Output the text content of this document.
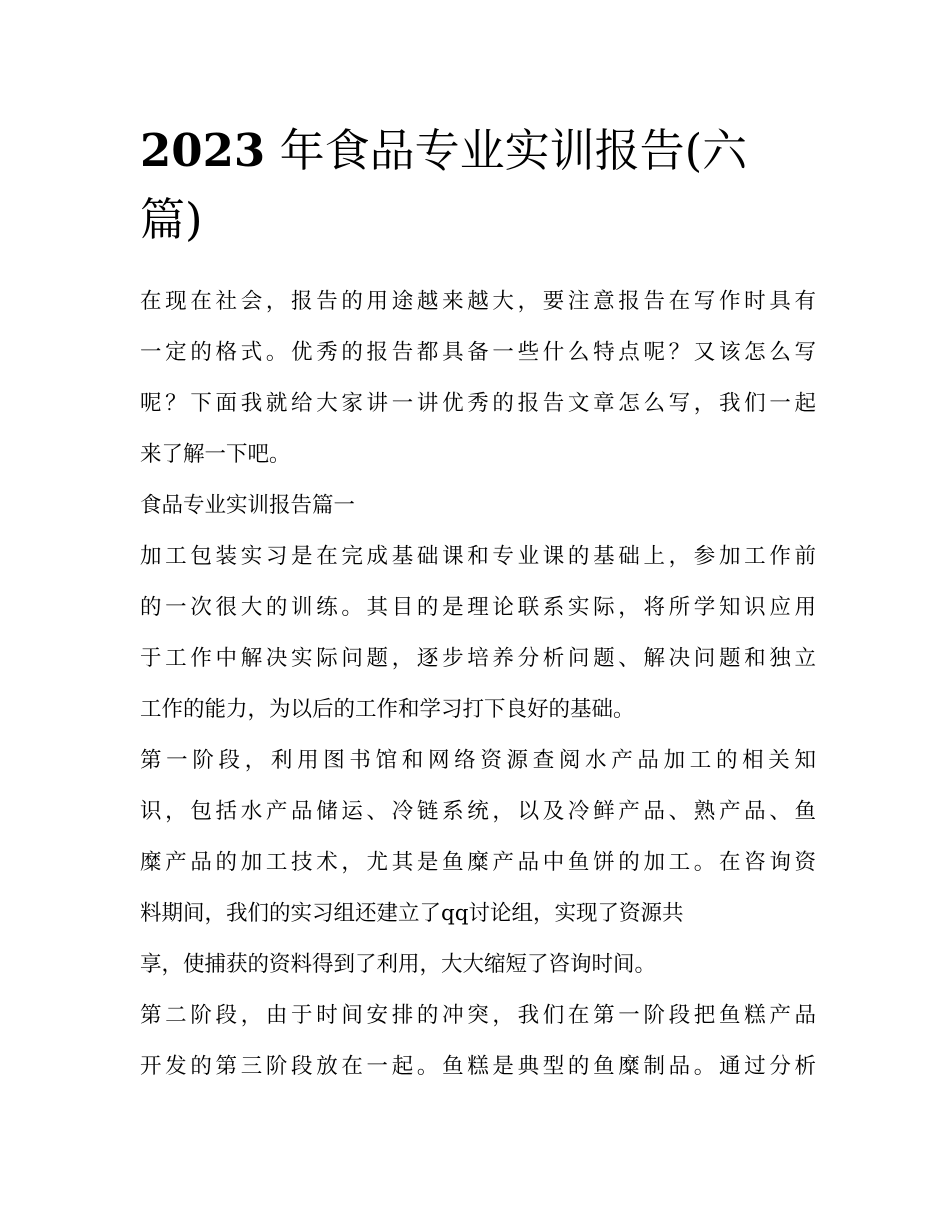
2023 年食品专业实训报告(六
篇)

在现在社会，报告的用途越来越大，要注意报告在写作时具有
一定的格式。优秀的报告都具备一些什么特点呢？又该怎么写
呢？下面我就给大家讲一讲优秀的报告文章怎么写，我们一起
来了解一下吧。

食品专业实训报告篇一

加工包装实习是在完成基础课和专业课的基础上，参加工作前
的一次很大的训练。其目的是理论联系实际，将所学知识应用
于工作中解决实际问题，逐步培养分析问题、解决问题和独立
工作的能力，为以后的工作和学习打下良好的基础。

第一阶段，利用图书馆和网络资源查阅水产品加工的相关知
识，包括水产品储运、冷链系统，以及冷鲜产品、熟产品、鱼
糜产品的加工技术，尤其是鱼糜产品中鱼饼的加工。在咨询资
料期间，我们的实习组还建立了qq讨论组，实现了资源共
享，使捕获的资料得到了利用，大大缩短了咨询时间。

第二阶段，由于时间安排的冲突，我们在第一阶段把鱼糕产品
开发的第三阶段放在一起。鱼糕是典型的鱼糜制品。通过分析
